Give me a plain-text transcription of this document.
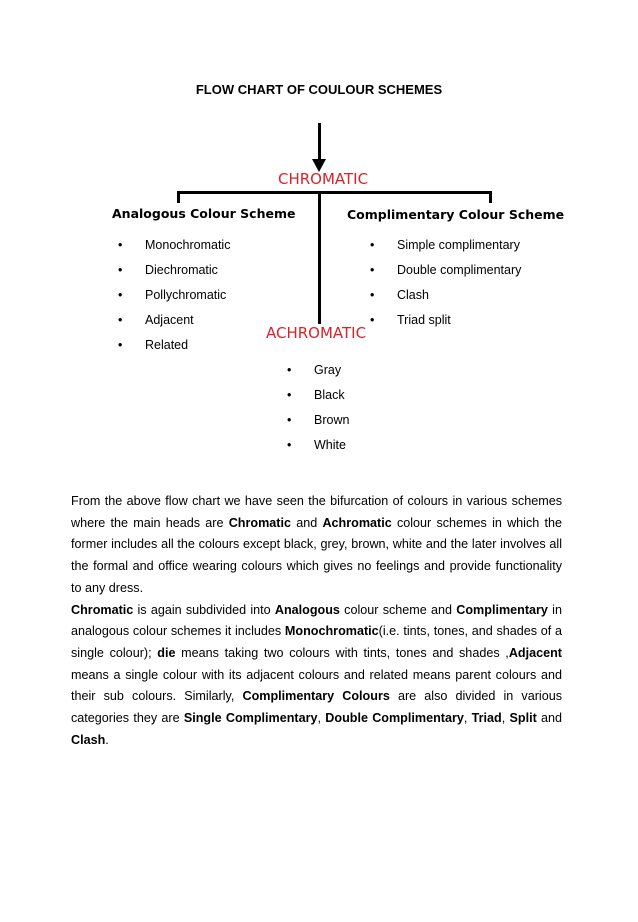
FLOW CHART OF COULOUR SCHEMES
CHROMATIC
Analogous Colour Scheme	Complimentary Colour Scheme
• Monochromatic
• Diechromatic
• Pollychromatic
• Adjacent
• Related
• Simple complimentary
• Double complimentary
• Clash
• Triad split
ACHROMATIC
• Gray
• Black
• Brown
• White

From the above flow chart we have seen the bifurcation of colours in various schemes where the main heads are Chromatic and Achromatic colour schemes in which the former includes all the colours except black, grey, brown, white and the later involves all the formal and office wearing colours which gives no feelings and provide functionality to any dress.

Chromatic is again subdivided into Analogous colour scheme and Complimentary in analogous colour schemes it includes Monochromatic(i.e. tints, tones, and shades of a single colour); die means taking two colours with tints, tones and shades ,Adjacent means a single colour with its adjacent colours and related means parent colours and their sub colours. Similarly, Complimentary Colours are also divided in various categories they are Single Complimentary, Double Complimentary, Triad, Split and Clash.
